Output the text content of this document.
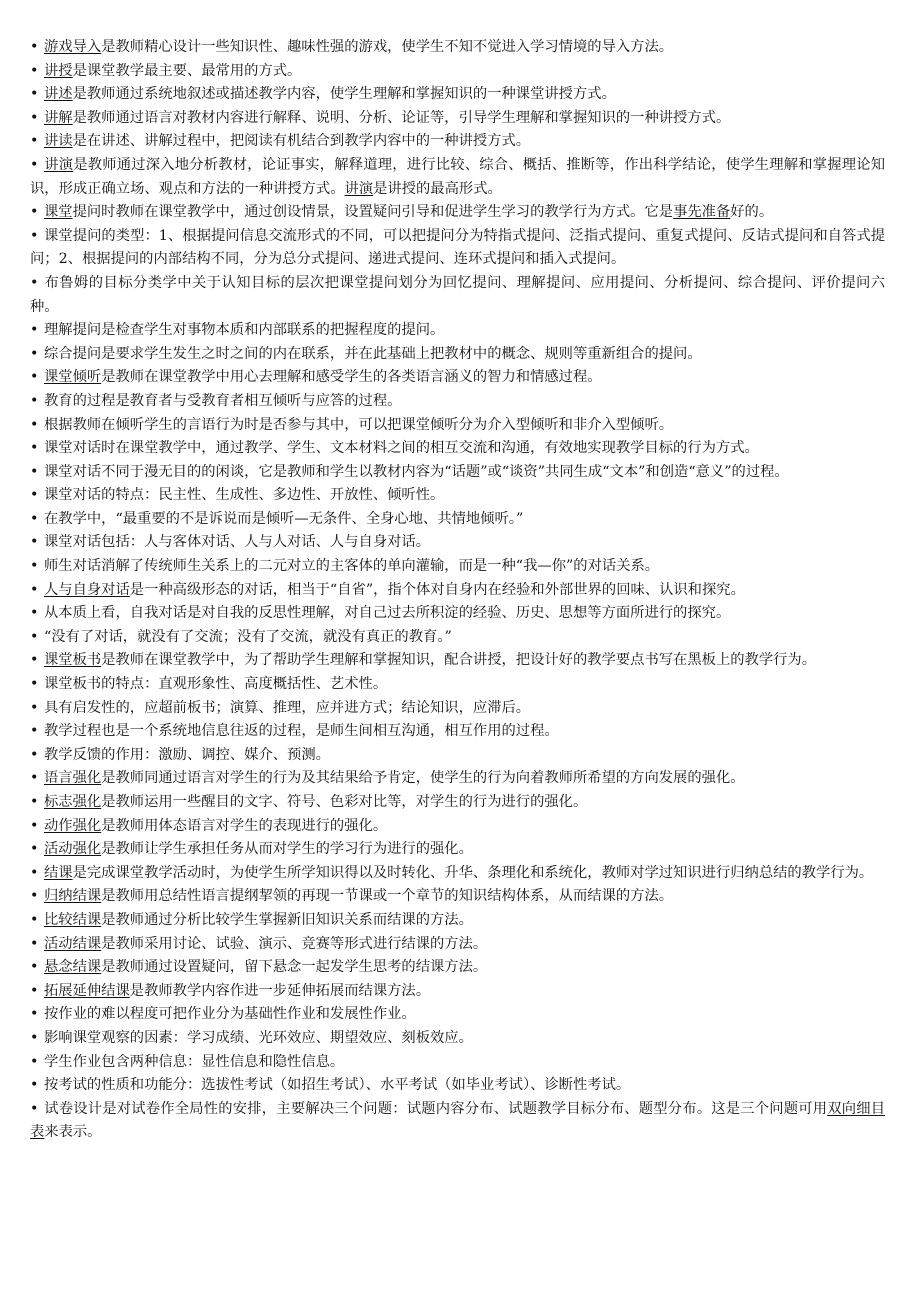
• 游戏导入是教师精心设计一些知识性、趣味性强的游戏，使学生不知不觉进入学习情境的导入方法。

• 讲授是课堂教学最主要、最常用的方式。

• 讲述是教师通过系统地叙述或描述教学内容，使学生理解和掌握知识的一种课堂讲授方式。

• 讲解是教师通过语言对教材内容进行解释、说明、分析、论证等，引导学生理解和掌握知识的一种讲授方式。

• 讲读是在讲述、讲解过程中，把阅读有机结合到教学内容中的一种讲授方式。

• 讲演是教师通过深入地分析教材，论证事实，解释道理，进行比较、综合、概括、推断等，作出科学结论，使学生理解和掌握理论知识，形成正确立场、观点和方法的一种讲授方式。讲演是讲授的最高形式。

• 课堂提问时教师在课堂教学中，通过创设情景，设置疑问引导和促进学生学习的教学行为方式。它是事先准备好的。

• 课堂提问的类型：1、根据提问信息交流形式的不同，可以把提问分为特指式提问、泛指式提问、重复式提问、反诘式提问和自答式提问；2、根据提问的内部结构不同，分为总分式提问、递进式提问、连环式提问和插入式提问。

• 布鲁姆的目标分类学中关于认知目标的层次把课堂提问划分为回忆提问、理解提问、应用提问、分析提问、综合提问、评价提问六种。

• 理解提问是检查学生对事物本质和内部联系的把握程度的提问。

• 综合提问是要求学生发生之时之间的内在联系，并在此基础上把教材中的概念、规则等重新组合的提问。

• 课堂倾听是教师在课堂教学中用心去理解和感受学生的各类语言涵义的智力和情感过程。

• 教育的过程是教育者与受教育者相互倾听与应答的过程。

• 根据教师在倾听学生的言语行为时是否参与其中，可以把课堂倾听分为介入型倾听和非介入型倾听。

• 课堂对话时在课堂教学中，通过教学、学生、文本材料之间的相互交流和沟通，有效地实现教学目标的行为方式。

• 课堂对话不同于漫无目的的闲谈，它是教师和学生以教材内容为“话题”或“谈资”共同生成“文本”和创造“意义”的过程。

• 课堂对话的特点：民主性、生成性、多边性、开放性、倾听性。

• 在教学中，“最重要的不是诉说而是倾听—无条件、全身心地、共情地倾听。”

• 课堂对话包括：人与客体对话、人与人对话、人与自身对话。

• 师生对话消解了传统师生关系上的二元对立的主客体的单向灌输，而是一种“我—你”的对话关系。

• 人与自身对话是一种高级形态的对话，相当于“自省”，指个体对自身内在经验和外部世界的回味、认识和探究。

• 从本质上看，自我对话是对自我的反思性理解，对自己过去所积淀的经验、历史、思想等方面所进行的探究。

• “没有了对话，就没有了交流；没有了交流，就没有真正的教育。”

• 课堂板书是教师在课堂教学中，为了帮助学生理解和掌握知识，配合讲授，把设计好的教学要点书写在黑板上的教学行为。

• 课堂板书的特点：直观形象性、高度概括性、艺术性。

• 具有启发性的，应超前板书；演算、推理，应并进方式；结论知识，应滞后。

• 教学过程也是一个系统地信息往返的过程，是师生间相互沟通，相互作用的过程。

• 教学反馈的作用：激励、调控、媒介、预测。

• 语言强化是教师同通过语言对学生的行为及其结果给予肯定，使学生的行为向着教师所希望的方向发展的强化。

• 标志强化是教师运用一些醒目的文字、符号、色彩对比等，对学生的行为进行的强化。

• 动作强化是教师用体态语言对学生的表现进行的强化。

• 活动强化是教师让学生承担任务从而对学生的学习行为进行的强化。

• 结课是完成课堂教学活动时，为使学生所学知识得以及时转化、升华、条理化和系统化，教师对学过知识进行归纳总结的教学行为。

• 归纳结课是教师用总结性语言提纲挈领的再现一节课或一个章节的知识结构体系，从而结课的方法。

• 比较结课是教师通过分析比较学生掌握新旧知识关系而结课的方法。

• 活动结课是教师采用讨论、试验、演示、竞赛等形式进行结课的方法。

• 悬念结课是教师通过设置疑问，留下悬念一起发学生思考的结课方法。

• 拓展延伸结课是教师教学内容作进一步延伸拓展而结课方法。

• 按作业的难以程度可把作业分为基础性作业和发展性作业。

• 影响课堂观察的因素：学习成绩、光环效应、期望效应、刻板效应。

• 学生作业包含两种信息：显性信息和隐性信息。

• 按考试的性质和功能分：选拔性考试（如招生考试）、水平考试（如毕业考试）、诊断性考试。

• 试卷设计是对试卷作全局性的安排，主要解决三个问题：试题内容分布、试题教学目标分布、题型分布。这是三个问题可用双向细目表来表示。
